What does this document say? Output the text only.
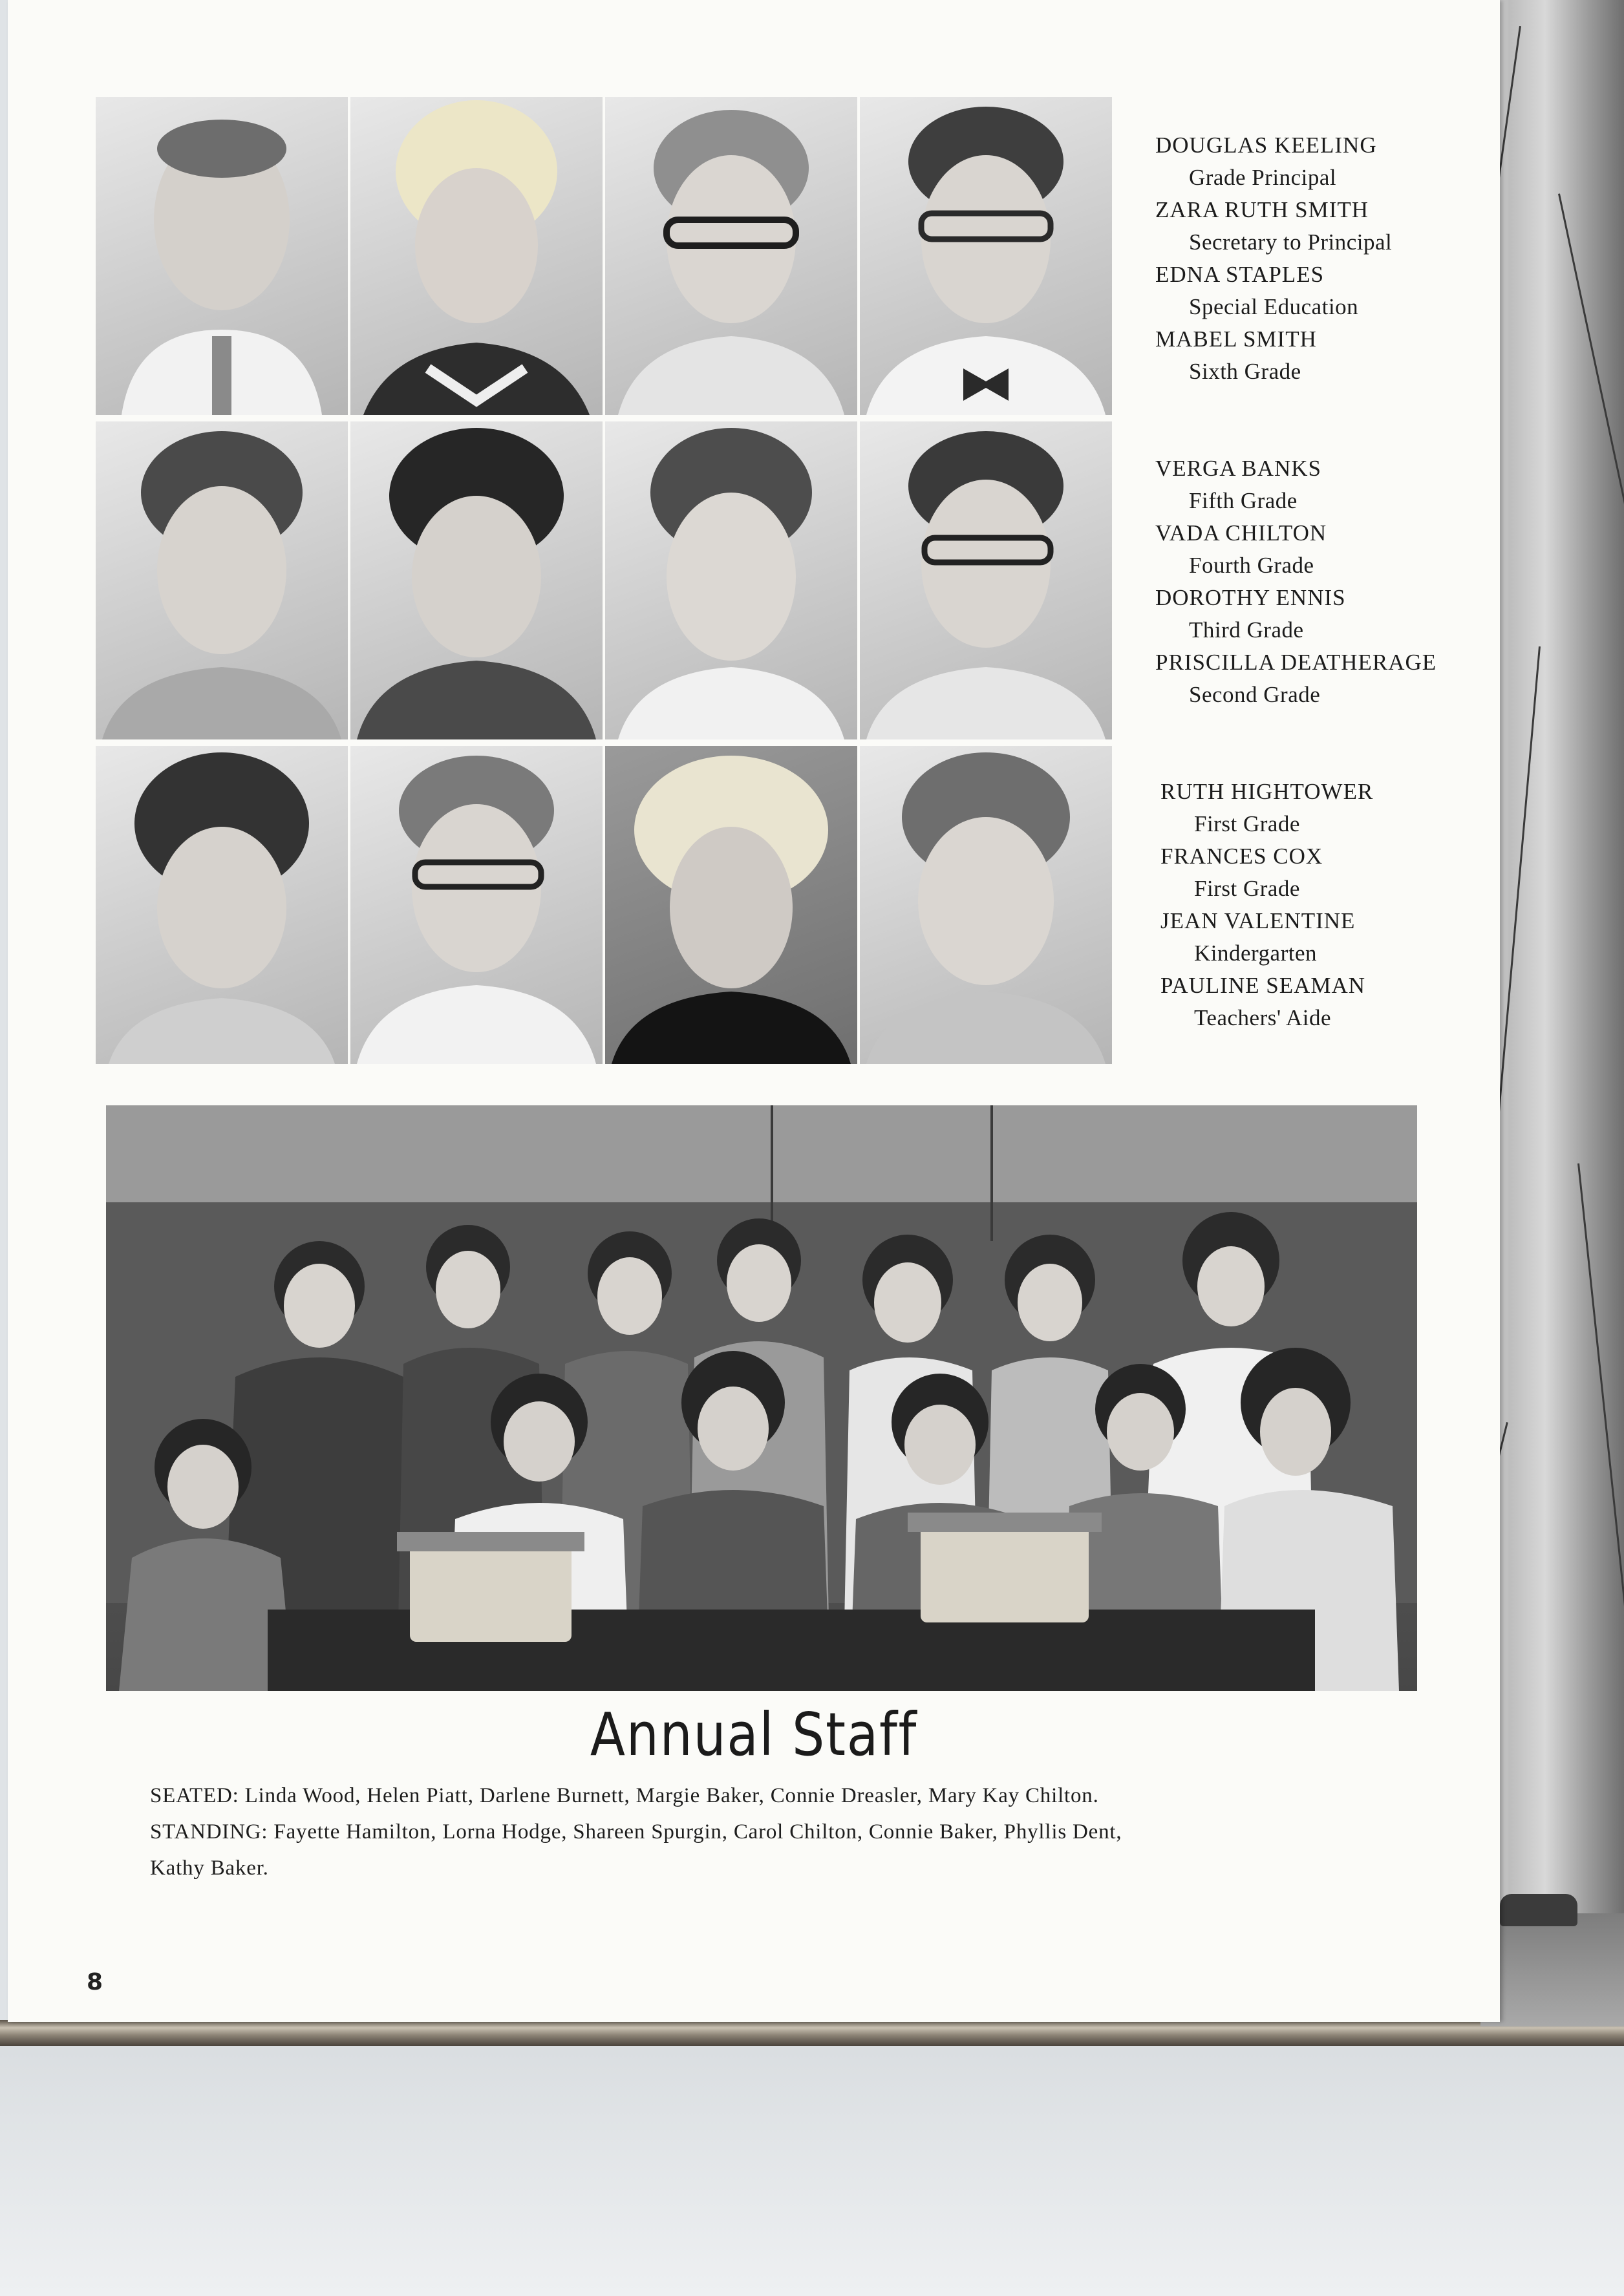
DOUGLAS KEELING
Grade Principal
ZARA RUTH SMITH
Secretary to Principal
EDNA STAPLES
Special Education
MABEL SMITH
Sixth Grade
VERGA BANKS
Fifth Grade
VADA CHILTON
Fourth Grade
DOROTHY ENNIS
Third Grade
PRISCILLA DEATHERAGE
Second Grade
RUTH HIGHTOWER
First Grade
FRANCES COX
First Grade
JEAN VALENTINE
Kindergarten
PAULINE SEAMAN
Teachers' Aide
Annual Staff
SEATED: Linda Wood, Helen Piatt, Darlene Burnett, Margie Baker, Connie Dreasler, Mary Kay Chilton.
STANDING: Fayette Hamilton, Lorna Hodge, Shareen Spurgin, Carol Chilton, Connie Baker, Phyllis Dent,
Kathy Baker.
8
